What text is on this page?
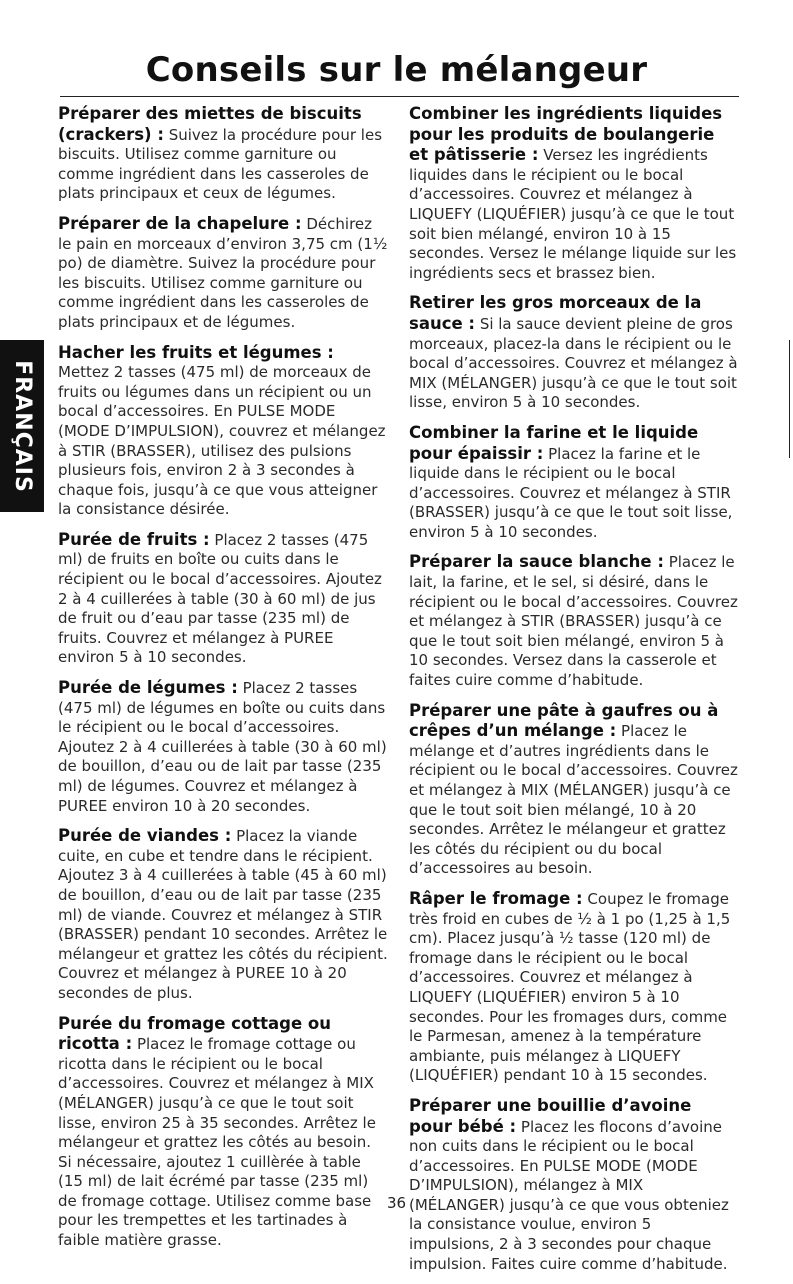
Conseils sur le mélangeur
FRANÇAIS

Préparer des miettes de biscuits (crackers) : Suivez la procédure pour les biscuits. Utilisez comme garniture ou comme ingrédient dans les casseroles de plats principaux et ceux de légumes.

Préparer de la chapelure : Déchirez le pain en morceaux d’environ 3,75 cm (1½ po) de diamètre. Suivez la procédure pour les biscuits. Utilisez comme garniture ou comme ingrédient dans les casseroles de plats principaux et de légumes.

Hacher les fruits et légumes : Mettez 2 tasses (475 ml) de morceaux de fruits ou légumes dans un récipient ou un bocal d’accessoires. En PULSE MODE (MODE D’IMPULSION), couvrez et mélangez à STIR (BRASSER), utilisez des pulsions plusieurs fois, environ 2 à 3 secondes à chaque fois, jusqu’à ce que vous atteigner la consistance désirée.

Purée de fruits : Placez 2 tasses (475 ml) de fruits en boîte ou cuits dans le récipient ou le bocal d’accessoires. Ajoutez 2 à 4 cuillerées à table (30 à 60 ml) de jus de fruit ou d’eau par tasse (235 ml) de fruits. Couvrez et mélangez à PUREE environ 5 à 10 secondes.

Purée de légumes : Placez 2 tasses (475 ml) de légumes en boîte ou cuits dans le récipient ou le bocal d’accessoires. Ajoutez 2 à 4 cuillerées à table (30 à 60 ml) de bouillon, d’eau ou de lait par tasse (235 ml) de légumes. Couvrez et mélangez à PUREE environ 10 à 20 secondes.

Purée de viandes : Placez la viande cuite, en cube et tendre dans le récipient. Ajoutez 3 à 4 cuillerées à table (45 à 60 ml) de bouillon, d’eau ou de lait par tasse (235 ml) de viande. Couvrez et mélangez à STIR (BRASSER) pendant 10 secondes. Arrêtez le mélangeur et grattez les côtés du récipient. Couvrez et mélangez à PUREE 10 à 20 secondes de plus.

Purée du fromage cottage ou ricotta : Placez le fromage cottage ou ricotta dans le récipient ou le bocal d’accessoires. Couvrez et mélangez à MIX (MÉLANGER) jusqu’à ce que le tout soit lisse, environ 25 à 35 secondes. Arrêtez le mélangeur et grattez les côtés au besoin. Si nécessaire, ajoutez 1 cuillèrée à table (15 ml) de lait écrémé par tasse (235 ml) de fromage cottage. Utilisez comme base pour les trempettes et les tartinades à faible matière grasse.

Combiner les ingrédients liquides pour les produits de boulangerie et pâtisserie : Versez les ingrédients liquides dans le récipient ou le bocal d’accessoires. Couvrez et mélangez à LIQUEFY (LIQUÉFIER) jusqu’à ce que le tout soit bien mélangé, environ 10 à 15 secondes. Versez le mélange liquide sur les ingrédients secs et brassez bien.

Retirer les gros morceaux de la sauce : Si la sauce devient pleine de gros morceaux, placez-la dans le récipient ou le bocal d’accessoires. Couvrez et mélangez à MIX (MÉLANGER) jusqu’à ce que le tout soit lisse, environ 5 à 10 secondes.

Combiner la farine et le liquide pour épaissir : Placez la farine et le liquide dans le récipient ou le bocal d’accessoires. Couvrez et mélangez à STIR (BRASSER) jusqu’à ce que le tout soit lisse, environ 5 à 10 secondes.

Préparer la sauce blanche : Placez le lait, la farine, et le sel, si désiré, dans le récipient ou le bocal d’accessoires. Couvrez et mélangez à STIR (BRASSER) jusqu’à ce que le tout soit bien mélangé, environ 5 à 10 secondes. Versez dans la casserole et faites cuire comme d’habitude.

Préparer une pâte à gaufres ou à crêpes d’un mélange : Placez le mélange et d’autres ingrédients dans le récipient ou le bocal d’accessoires. Couvrez et mélangez à MIX (MÉLANGER) jusqu’à ce que le tout soit bien mélangé, 10 à 20 secondes. Arrêtez le mélangeur et grattez les côtés du récipient ou du bocal d’accessoires au besoin.

Râper le fromage : Coupez le fromage très froid en cubes de ½ à 1 po (1,25 à 1,5 cm). Placez jusqu’à ½ tasse (120 ml) de fromage dans le récipient ou le bocal d’accessoires. Couvrez et mélangez à LIQUEFY (LIQUÉFIER) environ 5 à 10 secondes. Pour les fromages durs, comme le Parmesan, amenez à la température ambiante, puis mélangez à LIQUEFY (LIQUÉFIER) pendant 10 à 15 secondes.

Préparer une bouillie d’avoine pour bébé : Placez les flocons d’avoine non cuits dans le récipient ou le bocal d’accessoires. En PULSE MODE (MODE D’IMPULSION), mélangez à MIX (MÉLANGER) jusqu’à ce que vous obteniez la consistance voulue, environ 5 impulsions, 2 à 3 secondes pour chaque impulsion. Faites cuire comme d’habitude.

36
